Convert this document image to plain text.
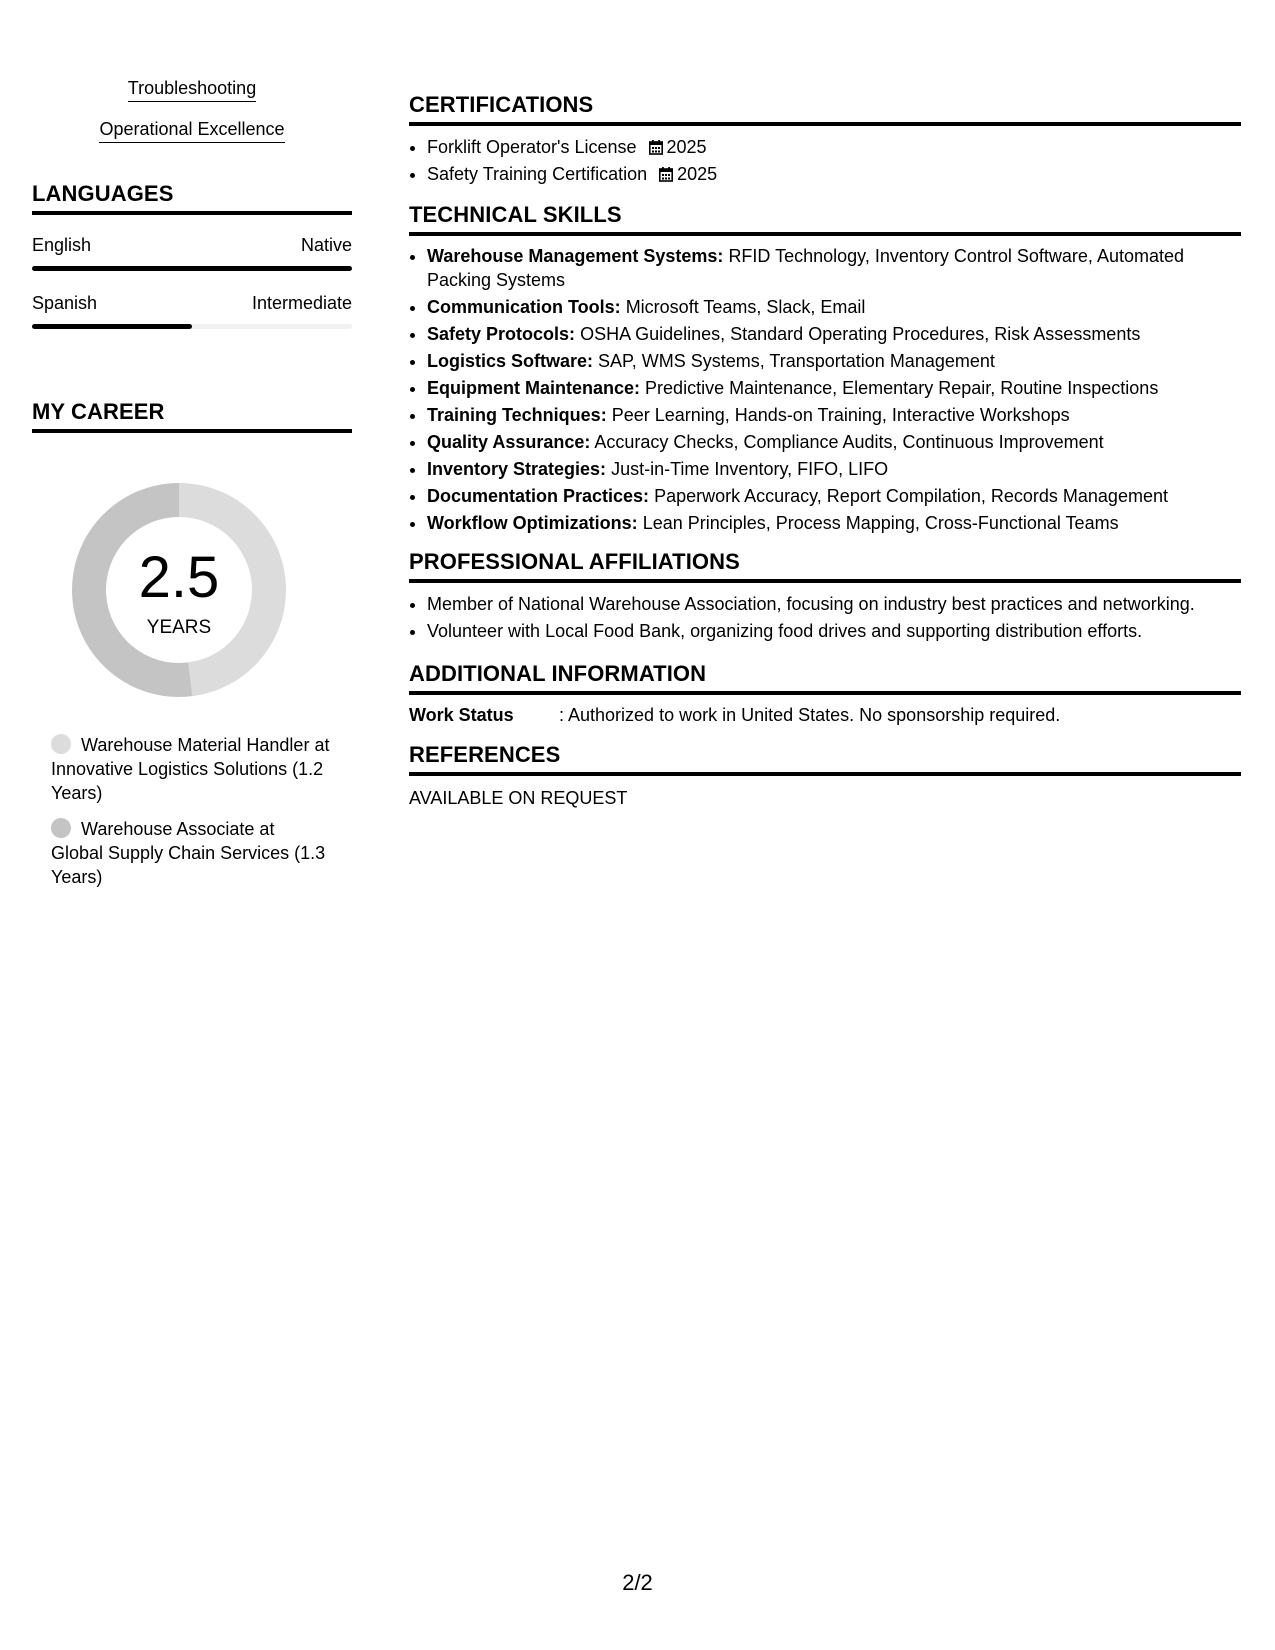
Troubleshooting
Operational Excellence
LANGUAGES
English	Native
Spanish	Intermediate
MY CAREER
2.5
YEARS
Warehouse Material Handler at Innovative Logistics Solutions (1.2 Years)
Warehouse Associate at Global Supply Chain Services (1.3 Years)
CERTIFICATIONS
• Forklift Operator's License 2025
• Safety Training Certification 2025
TECHNICAL SKILLS
• Warehouse Management Systems: RFID Technology, Inventory Control Software, Automated Packing Systems
• Communication Tools: Microsoft Teams, Slack, Email
• Safety Protocols: OSHA Guidelines, Standard Operating Procedures, Risk Assessments
• Logistics Software: SAP, WMS Systems, Transportation Management
• Equipment Maintenance: Predictive Maintenance, Elementary Repair, Routine Inspections
• Training Techniques: Peer Learning, Hands-on Training, Interactive Workshops
• Quality Assurance: Accuracy Checks, Compliance Audits, Continuous Improvement
• Inventory Strategies: Just-in-Time Inventory, FIFO, LIFO
• Documentation Practices: Paperwork Accuracy, Report Compilation, Records Management
• Workflow Optimizations: Lean Principles, Process Mapping, Cross-Functional Teams
PROFESSIONAL AFFILIATIONS
• Member of National Warehouse Association, focusing on industry best practices and networking.
• Volunteer with Local Food Bank, organizing food drives and supporting distribution efforts.
ADDITIONAL INFORMATION
Work Status	: Authorized to work in United States. No sponsorship required.
REFERENCES
AVAILABLE ON REQUEST
2/2
